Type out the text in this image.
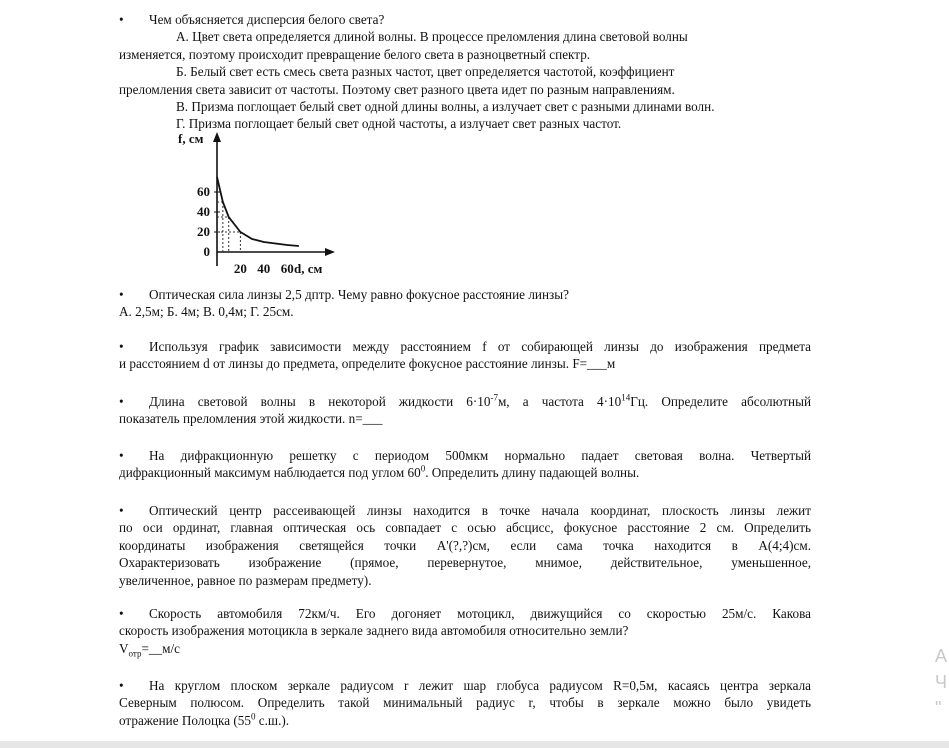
• Чем объясняется дисперсия белого света?
А. Цвет света определяется длиной волны. В процессе преломления длина световой волны
изменяется, поэтому происходит превращение белого света в разноцветный спектр.
Б. Белый свет есть смесь света разных частот, цвет определяется частотой, коэффициент
преломления света зависит от частоты. Поэтому свет разного цвета идет по разным направлениям.
В. Призма поглощает белый свет одной длины волны, а излучает свет с разными длинами волн.
Г. Призма поглощает белый свет одной частоты, а излучает свет разных частот.
f, см
d, см
60
40
20
0
20 40 60
• Оптическая сила линзы 2,5 дптр. Чему равно фокусное расстояние линзы?
А. 2,5м; Б. 4м; В. 0,4м; Г. 25см.
• Используя график зависимости между расстоянием f от собирающей линзы до изображения предмета
и расстоянием d от линзы до предмета, определите фокусное расстояние линзы. F=___м
• Длина световой волны в некоторой жидкости $6\cdot 10^{-7}м$, а частота $4\cdot 10^{14}Гц$. Определите абсолютный
показатель преломления этой жидкости. n=___
• На дифракционную решетку с периодом 500мкм нормально падает световая волна. Четвертый
дифракционный максимум наблюдается под углом $60^0$. Определить длину падающей волны.
• Оптический центр рассеивающей линзы находится в точке начала координат, плоскость линзы лежит
по оси ординат, главная оптическая ось совпадает с осью абсцисс, фокусное расстояние 2 см. Определить
координаты изображения светящейся точки А'(?,?)см, если сама точка находится в А(4;4)см.
Охарактеризовать изображение (прямое, перевернутое, мнимое, действительное, уменьшенное,
увеличенное, равное по размерам предмету).
• Скорость автомобиля 72км/ч. Его догоняет мотоцикл, движущийся со скоростью 25м/с. Какова
скорость изображения мотоцикла в зеркале заднего вида автомобиля относительно земли?
$V_{отр}=\_\_м/с$
• На круглом плоском зеркале радиусом r лежит шар глобуса радиусом R=0,5м, касаясь центра зеркала
Северным полюсом. Определить такой минимальный радиус r, чтобы в зеркале можно было увидеть
отражение Полоцка ($55^0$ с.ш.).
А
Ч
"
